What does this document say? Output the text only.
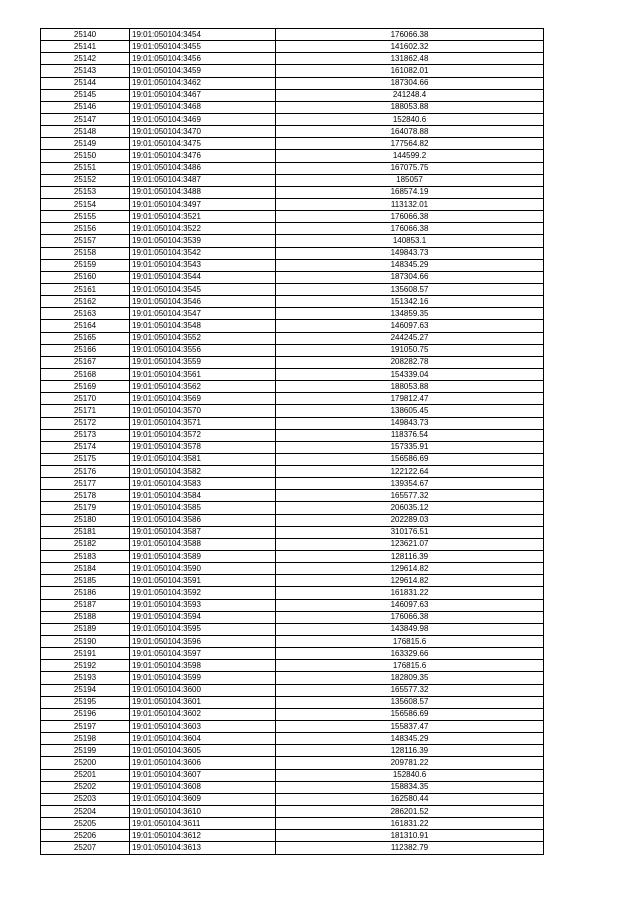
25140	19:01:050104:3454	176066.38
25141	19:01:050104:3455	141602.32
25142	19:01:050104:3456	131862.48
25143	19:01:050104:3459	161082.01
25144	19:01:050104:3462	187304.66
25145	19:01:050104:3467	241248.4
25146	19:01:050104:3468	188053.88
25147	19:01:050104:3469	152840.6
25148	19:01:050104:3470	164078.88
25149	19:01:050104:3475	177564.82
25150	19:01:050104:3476	144599.2
25151	19:01:050104:3486	167075.75
25152	19:01:050104:3487	185057
25153	19:01:050104:3488	168574.19
25154	19:01:050104:3497	113132.01
25155	19:01:050104:3521	176066.38
25156	19:01:050104:3522	176066.38
25157	19:01:050104:3539	140853.1
25158	19:01:050104:3542	149843.73
25159	19:01:050104:3543	148345.29
25160	19:01:050104:3544	187304.66
25161	19:01:050104:3545	135608.57
25162	19:01:050104:3546	151342.16
25163	19:01:050104:3547	134859.35
25164	19:01:050104:3548	146097.63
25165	19:01:050104:3552	244245.27
25166	19:01:050104:3556	191050.75
25167	19:01:050104:3559	208282.78
25168	19:01:050104:3561	154339.04
25169	19:01:050104:3562	188053.88
25170	19:01:050104:3569	179812.47
25171	19:01:050104:3570	138605.45
25172	19:01:050104:3571	149843.73
25173	19:01:050104:3572	118376.54
25174	19:01:050104:3578	157335.91
25175	19:01:050104:3581	156586.69
25176	19:01:050104:3582	122122.64
25177	19:01:050104:3583	139354.67
25178	19:01:050104:3584	165577.32
25179	19:01:050104:3585	206035.12
25180	19:01:050104:3586	202289.03
25181	19:01:050104:3587	310176.51
25182	19:01:050104:3588	123621.07
25183	19:01:050104:3589	128116.39
25184	19:01:050104:3590	129614.82
25185	19:01:050104:3591	129614.82
25186	19:01:050104:3592	161831.22
25187	19:01:050104:3593	146097.63
25188	19:01:050104:3594	176066.38
25189	19:01:050104:3595	143849.98
25190	19:01:050104:3596	176815.6
25191	19:01:050104:3597	163329.66
25192	19:01:050104:3598	176815.6
25193	19:01:050104:3599	182809.35
25194	19:01:050104:3600	165577.32
25195	19:01:050104:3601	135608.57
25196	19:01:050104:3602	156586.69
25197	19:01:050104:3603	155837.47
25198	19:01:050104:3604	148345.29
25199	19:01:050104:3605	128116.39
25200	19:01:050104:3606	209781.22
25201	19:01:050104:3607	152840.6
25202	19:01:050104:3608	158834.35
25203	19:01:050104:3609	162580.44
25204	19:01:050104:3610	286201.52
25205	19:01:050104:3611	161831.22
25206	19:01:050104:3612	181310.91
25207	19:01:050104:3613	112382.79
